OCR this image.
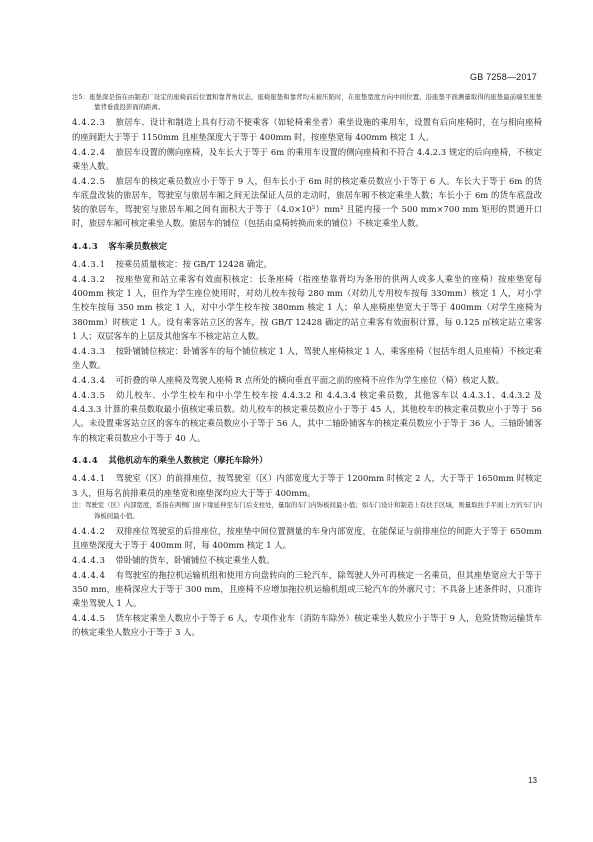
GB 7258—2017
注5：座垫深是指在由制造厂设定的座椅前后位置和靠背角状态，座椅座垫和靠背均未被压陷时，在座垫宽度方向中间位置、沿座垫平面测量取得的座垫最前端至座垫靠背垂直投影面的距离。

4.4.2.3 旅居车、设计和制造上具有行动不便乘客（如轮椅乘坐者）乘坐设施的乘用车，设置有后向座椅时，在与相向座椅的座间距大于等于 1150mm 且座垫深度大于等于 400mm 时，按座垫宽每 400mm 核定 1 人。

4.4.2.4 旅居车设置的侧向座椅，及车长大于等于 6m 的乘用车设置的侧向座椅和不符合 4.4.2.3 规定的后向座椅，不核定乘坐人数。

4.4.2.5 旅居车的核定乘员数应小于等于 9 人，但车长小于 6m 时的核定乘员数应小于等于 6 人。车长大于等于 6m 的货车底盘改装的旅居车，驾驶室与旅居车厢之间无法保证人员的走动时，旅居车厢不核定乘坐人数；车长小于 6m 的货车底盘改装的旅居车，驾驶室与旅居车厢之间有面积大于等于（4.0×10⁵）mm² 且能内接一个 500 mm×700 mm 矩形的贯通开口时，旅居车厢可核定乘坐人数。旅居车的铺位（包括由桌椅转换而来的铺位）不核定乘坐人数。

4.4.3 客车乘员数核定

4.4.3.1 按乘员质量核定：按 GB/T 12428 确定。

4.4.3.2 按座垫宽和站立乘客有效面积核定：长条座椅（指座垫靠背均为条形的供两人或多人乘坐的座椅）按座垫宽每 400mm 核定 1 人，但作为学生座位使用时，对幼儿校车按每 280 mm（对幼儿专用校车按每 330mm）核定 1 人，对小学生校车按每 350 mm 核定 1 人，对中小学生校车按 380mm 核定 1 人；单人座椅座垫宽大于等于 400mm（对学生座椅为 380mm）时核定 1 人。设有乘客站立区的客车，按 GB/T 12428 确定的站立乘客有效面积计算，每 0.125 ㎡核定站立乘客 1 人；双层客车的上层及其他客车不核定站立人数。

4.4.3.3 按卧铺铺位核定：卧铺客车的每个铺位核定 1 人，驾驶人座椅核定 1 人，乘客座椅（包括车组人员座椅）不核定乘坐人数。

4.4.3.4 可折叠的单人座椅及驾驶人座椅 R 点所处的横向垂直平面之前的座椅不应作为学生座位（椅）核定人数。

4.4.3.5 幼儿校车、小学生校车和中小学生校车按 4.4.3.2 和 4.4.3.4 核定乘员数，其他客车以 4.4.3.1、4.4.3.2 及 4.4.3.3 计算的乘员数取最小值核定乘员数。幼儿校车的核定乘员数应小于等于 45 人，其他校车的核定乘员数应小于等于 56 人。未设置乘客站立区的客车的核定乘员数应小于等于 56 人，其中二轴卧铺客车的核定乘员数应小于等于 36 人，三轴卧铺客车的核定乘员数应小于等于 40 人。

4.4.4 其他机动车的乘坐人数核定（摩托车除外）

4.4.4.1 驾驶室（区）的前排座位，按驾驶室（区）内部宽度大于等于 1200mm 时核定 2 人，大于等于 1650mm 时核定 3 人，但每名前排乘员的座垫宽和座垫深均应大于等于 400mm。

注：驾驶室（区）内部宽度，系指在两侧门窗下缘延伸至车门后支柱处，量取的车门内饰板间最小值；如车门设计和制造上有扶手区域，则量取扶手平面上方的车门内饰板间最小值。

4.4.4.2 双排座位驾驶室的后排座位，按座垫中间位置测量的车身内部宽度，在能保证与前排座位的间距大于等于 650mm 且座垫深度大于等于 400mm 时，每 400mm 核定 1 人。

4.4.4.3 带卧铺的货车，卧铺铺位不核定乘坐人数。

4.4.4.4 有驾驶室的拖拉机运输机组和使用方向盘转向的三轮汽车，除驾驶人外可再核定一名乘员，但其座垫宽应大于等于 350 mm，座椅深应大于等于 300 mm，且座椅不应增加拖拉机运输机组或三轮汽车的外廓尺寸；不具备上述条件时，只准许乘坐驾驶人 1 人。

4.4.4.5 货车核定乘坐人数应小于等于 6 人，专项作业车（消防车除外）核定乘坐人数应小于等于 9 人，危险货物运输货车的核定乘坐人数应小于等于 3 人。

13
